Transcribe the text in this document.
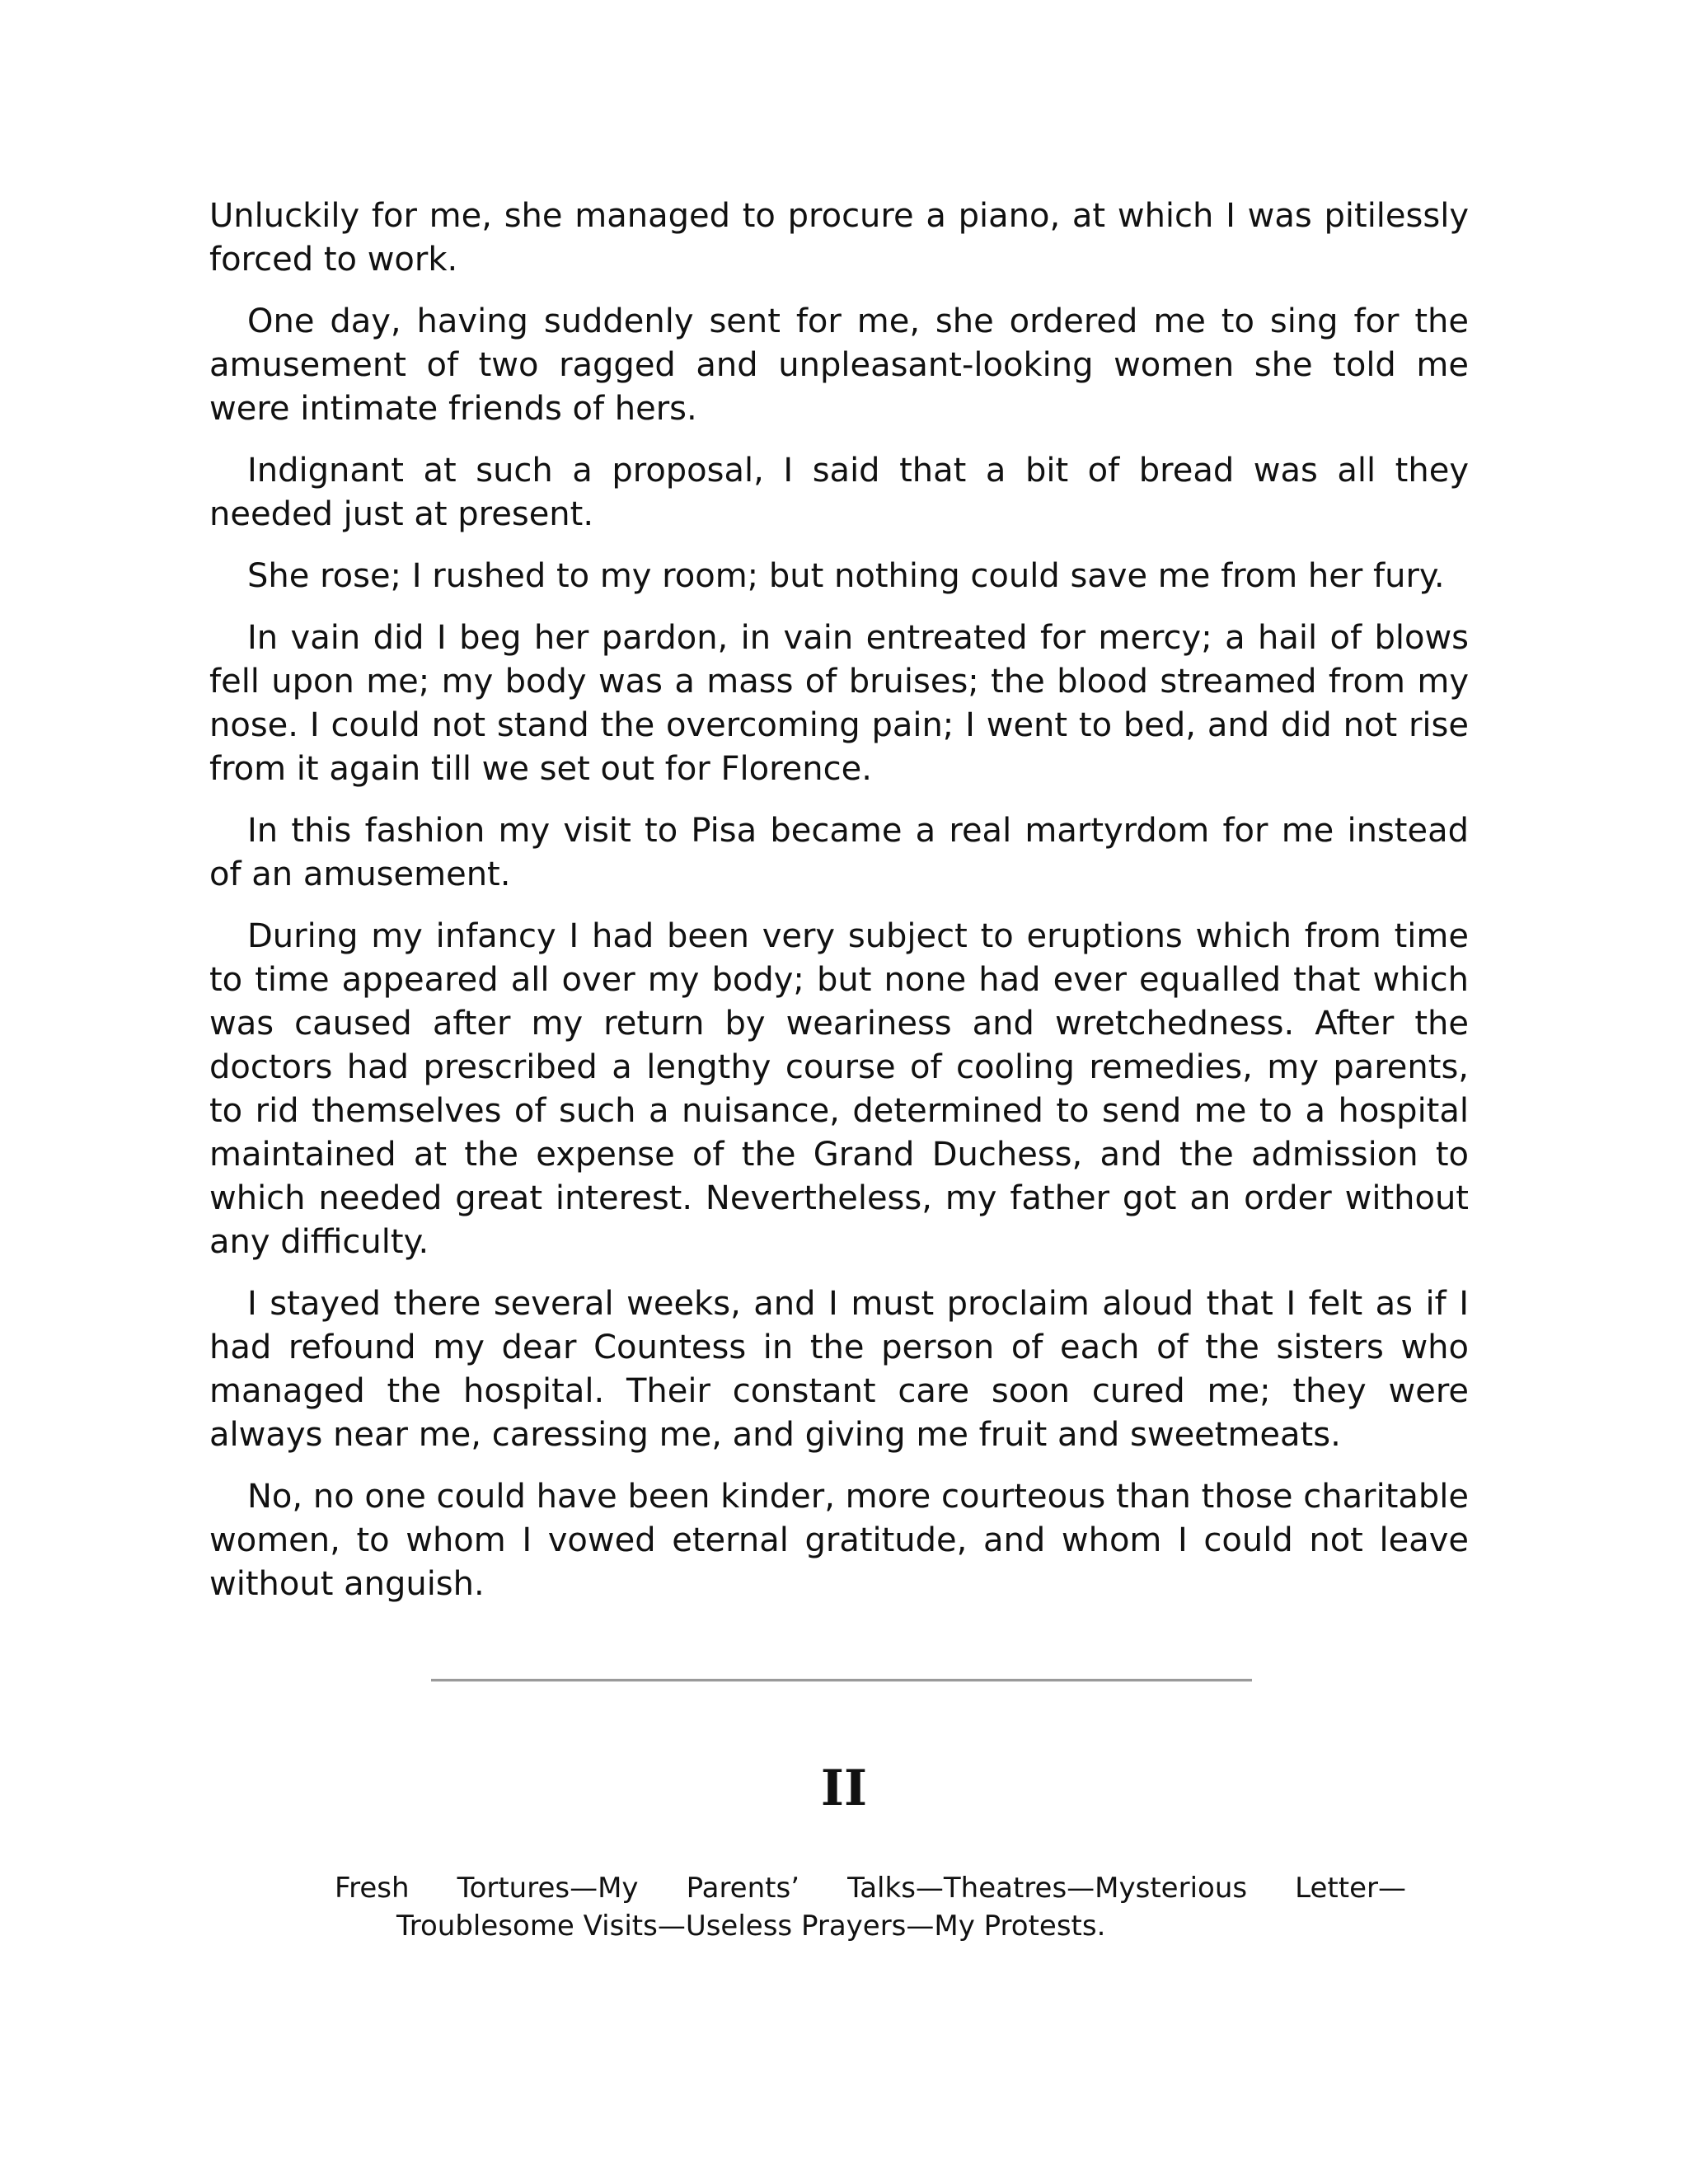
Unluckily for me, she managed to procure a piano, at which I was pitilessly forced to work.

One day, having suddenly sent for me, she ordered me to sing for the amusement of two ragged and unpleasant-looking women she told me were intimate friends of hers.

Indignant at such a proposal, I said that a bit of bread was all they needed just at present.

She rose; I rushed to my room; but nothing could save me from her fury.

In vain did I beg her pardon, in vain entreated for mercy; a hail of blows fell upon me; my body was a mass of bruises; the blood streamed from my nose. I could not stand the overcoming pain; I went to bed, and did not rise from it again till we set out for Florence.

In this fashion my visit to Pisa became a real martyrdom for me instead of an amusement.

During my infancy I had been very subject to eruptions which from time to time appeared all over my body; but none had ever equalled that which was caused after my return by weariness and wretchedness. After the doctors had prescribed a lengthy course of cooling remedies, my parents, to rid themselves of such a nuisance, determined to send me to a hospital maintained at the expense of the Grand Duchess, and the admission to which needed great interest. Nevertheless, my father got an order without any difficulty.

I stayed there several weeks, and I must proclaim aloud that I felt as if I had refound my dear Countess in the person of each of the sisters who managed the hospital. Their constant care soon cured me; they were always near me, caressing me, and giving me fruit and sweetmeats.

No, no one could have been kinder, more courteous than those charitable women, to whom I vowed eternal gratitude, and whom I could not leave without anguish.

II

Fresh Tortures—My Parents’ Talks—Theatres—Mysterious Letter—Troublesome Visits—Useless Prayers—My Protests.
